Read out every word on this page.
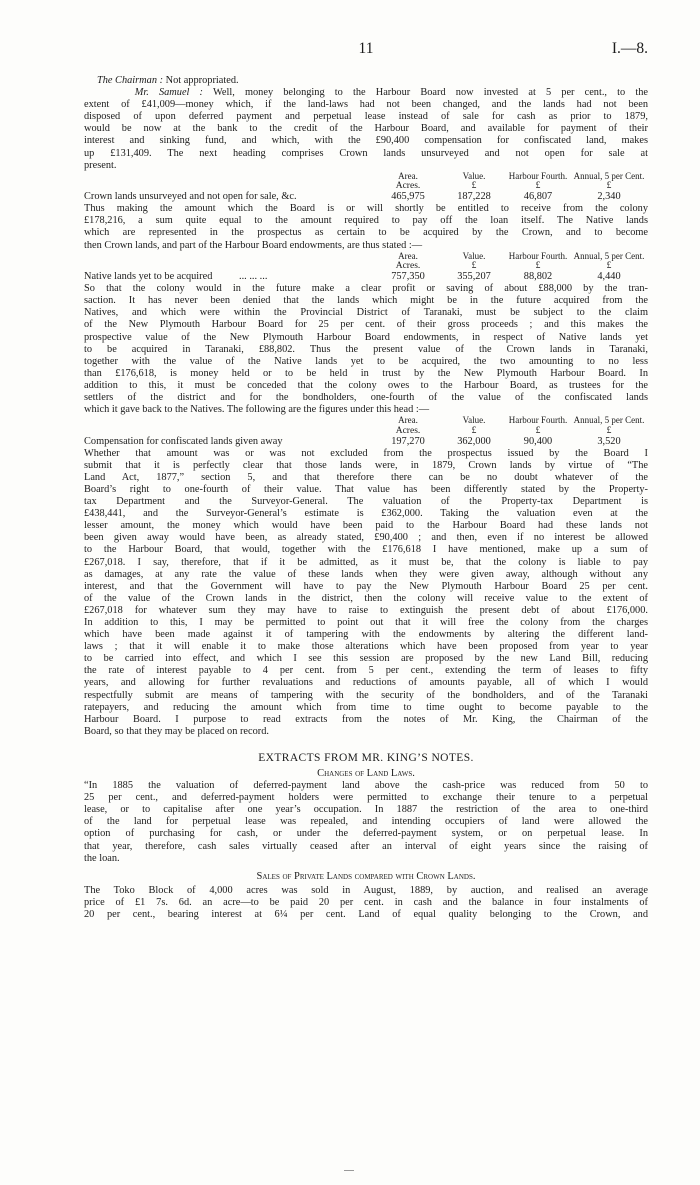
11	I.—8.

The Chairman : Not appropriated.

Mr. Samuel : Well, money belonging to the Harbour Board now invested at 5 per cent., to the

extent of £41,009—money which, if the land-laws had not been changed, and the lands had not been
disposed of upon deferred payment and perpetual lease instead of sale for cash as prior to 1879,
would be now at the bank to the credit of the Harbour Board, and available for payment of their
interest and sinking fund, and which, with the £90,400 compensation for confiscated land, makes
up £131,409. The next heading comprises Crown lands unsurveyed and not open for sale at
present.
	Area.	Value.	Harbour Fourth.	Annual, 5 per Cent.
	Acres.	£	£	£
Crown lands unsurveyed and not open for sale, &c.	465,975	187,228	46,807	2,340
Thus making the amount which the Board is or will shortly be entitled to receive from the colony
£178,216, a sum quite equal to the amount required to pay off the loan itself. The Native lands
which are represented in the prospectus as certain to be acquired by the Crown, and to become
then Crown lands, and part of the Harbour Board endowments, are thus stated :—
	Area.	Value.	Harbour Fourth.	Annual, 5 per Cent.
	Acres.	£	£	£
Native lands yet to be acquired ... ... ...	757,350	355,207	88,802	4,440
So that the colony would in the future make a clear profit or saving of about £88,000 by the tran-
saction. It has never been denied that the lands which might be in the future acquired from the
Natives, and which were within the Provincial District of Taranaki, must be subject to the claim
of the New Plymouth Harbour Board for 25 per cent. of their gross proceeds ; and this makes the
prospective value of the New Plymouth Harbour Board endowments, in respect of Native lands yet
to be acquired in Taranaki, £88,802. Thus the present value of the Crown lands in Taranaki,
together with the value of the Native lands yet to be acquired, the two amounting to no less
than £176,618, is money held or to be held in trust by the New Plymouth Harbour Board. In
addition to this, it must be conceded that the colony owes to the Harbour Board, as trustees for the
settlers of the district and for the bondholders, one-fourth of the value of the confiscated lands
which it gave back to the Natives. The following are the figures under this head :—
	Area.	Value.	Harbour Fourth.	Annual, 5 per Cent.
	Acres.	£	£	£
Compensation for confiscated lands given away	197,270	362,000	90,400	3,520
Whether that amount was or was not excluded from the prospectus issued by the Board I
submit that it is perfectly clear that those lands were, in 1879, Crown lands by virtue of “The
Land Act, 1877,” section 5, and that therefore there can be no doubt whatever of the
Board’s right to one-fourth of their value. That value has been differently stated by the Property-
tax Department and the Surveyor-General. The valuation of the Property-tax Department is
£438,441, and the Surveyor-General’s estimate is £362,000. Taking the valuation even at the
lesser amount, the money which would have been paid to the Harbour Board had these lands not
been given away would have been, as already stated, £90,400 ; and then, even if no interest be allowed
to the Harbour Board, that would, together with the £176,618 I have mentioned, make up a sum of
£267,018. I say, therefore, that if it be admitted, as it must be, that the colony is liable to pay
as damages, at any rate the value of these lands when they were given away, although without any
interest, and that the Government will have to pay the New Plymouth Harbour Board 25 per cent.
of the value of the Crown lands in the district, then the colony will receive value to the extent of
£267,018 for whatever sum they may have to raise to extinguish the present debt of about £176,000.
In addition to this, I may be permitted to point out that it will free the colony from the charges
which have been made against it of tampering with the endowments by altering the different land-
laws ; that it will enable it to make those alterations which have been proposed from year to year
to be carried into effect, and which I see this session are proposed by the new Land Bill, reducing
the rate of interest payable to 4 per cent. from 5 per cent., extending the term of leases to fifty
years, and allowing for further revaluations and reductions of amounts payable, all of which I would
respectfully submit are means of tampering with the security of the bondholders, and of the Taranaki
ratepayers, and reducing the amount which from time to time ought to become payable to the
Harbour Board. I purpose to read extracts from the notes of Mr. King, the Chairman of the
Board, so that they may be placed on record.
EXTRACTS FROM MR. KING’S NOTES.
Changes of Land Laws.
“In 1885 the valuation of deferred-payment land above the cash-price was reduced from 50 to
25 per cent., and deferred-payment holders were permitted to exchange their tenure to a perpetual
lease, or to capitalise after one year’s occupation. In 1887 the restriction of the area to one-third
of the land for perpetual lease was repealed, and intending occupiers of land were allowed the
option of purchasing for cash, or under the deferred-payment system, or on perpetual lease. In
that year, therefore, cash sales virtually ceased after an interval of eight years since the raising of
the loan.
Sales of Private Lands compared with Crown Lands.
The Toko Block of 4,000 acres was sold in August, 1889, by auction, and realised an average
price of £1 7s. 6d. an acre—to be paid 20 per cent. in cash and the balance in four instalments of
20 per cent., bearing interest at 6¼ per cent. Land of equal quality belonging to the Crown, and
